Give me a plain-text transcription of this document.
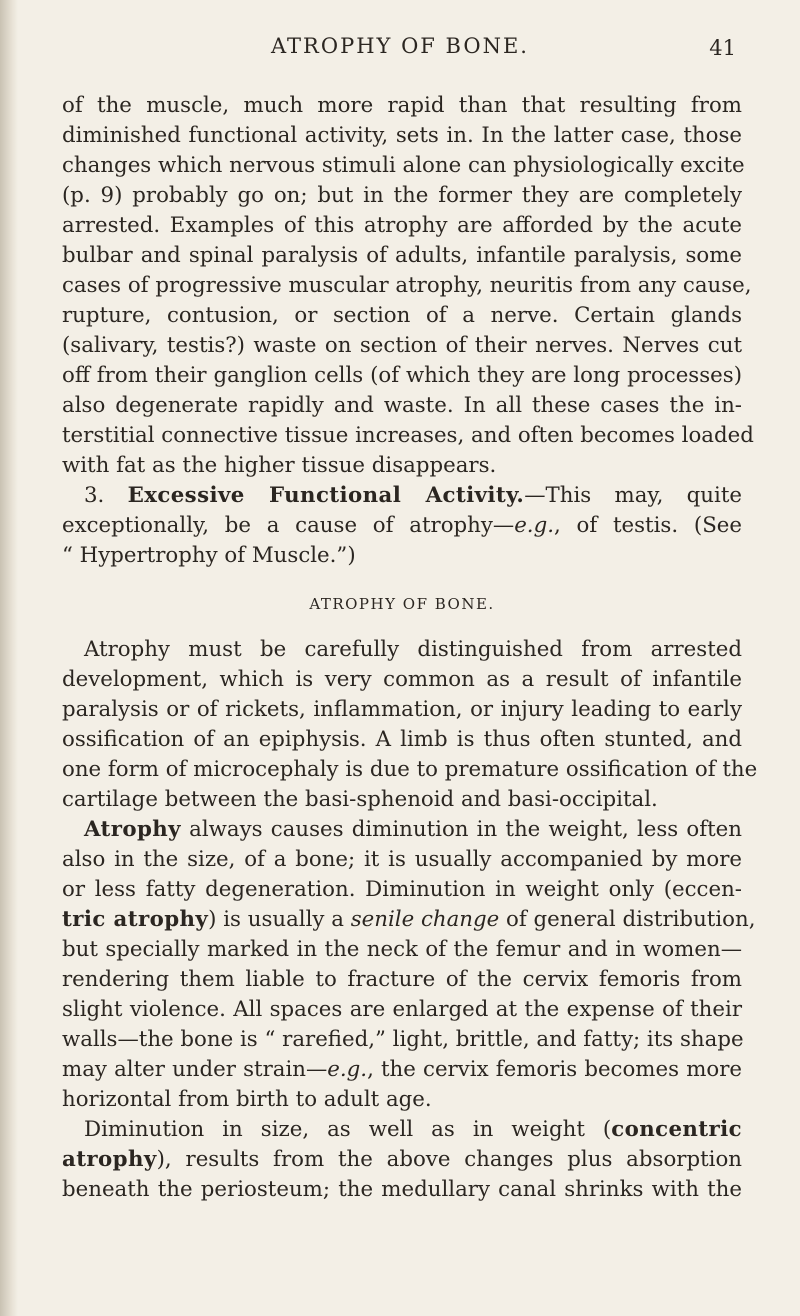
ATROPHY OF BONE.	41
of the muscle, much more rapid than that resulting from
diminished functional activity, sets in. In the latter case, those
changes which nervous stimuli alone can physiologically excite
(p. 9) probably go on; but in the former they are completely
arrested. Examples of this atrophy are afforded by the acute
bulbar and spinal paralysis of adults, infantile paralysis, some
cases of progressive muscular atrophy, neuritis from any cause,
rupture, contusion, or section of a nerve. Certain glands
(salivary, testis?) waste on section of their nerves. Nerves cut
off from their ganglion cells (of which they are long processes)
also degenerate rapidly and waste. In all these cases the in-
terstitial connective tissue increases, and often becomes loaded
with fat as the higher tissue disappears.
3. Excessive Functional Activity.—This may, quite
exceptionally, be a cause of atrophy—e.g., of testis. (See
“ Hypertrophy of Muscle.”)
ATROPHY OF BONE.
Atrophy must be carefully distinguished from arrested
development, which is very common as a result of infantile
paralysis or of rickets, inflammation, or injury leading to early
ossification of an epiphysis. A limb is thus often stunted, and
one form of microcephaly is due to premature ossification of the
cartilage between the basi-sphenoid and basi-occipital.
Atrophy always causes diminution in the weight, less often
also in the size, of a bone; it is usually accompanied by more
or less fatty degeneration. Diminution in weight only (eccen-
tric atrophy) is usually a senile change of general distribution,
but specially marked in the neck of the femur and in women—
rendering them liable to fracture of the cervix femoris from
slight violence. All spaces are enlarged at the expense of their
walls—the bone is “ rarefied,” light, brittle, and fatty; its shape
may alter under strain—e.g., the cervix femoris becomes more
horizontal from birth to adult age.
Diminution in size, as well as in weight (concentric
atrophy), results from the above changes plus absorption
beneath the periosteum; the medullary canal shrinks with the
